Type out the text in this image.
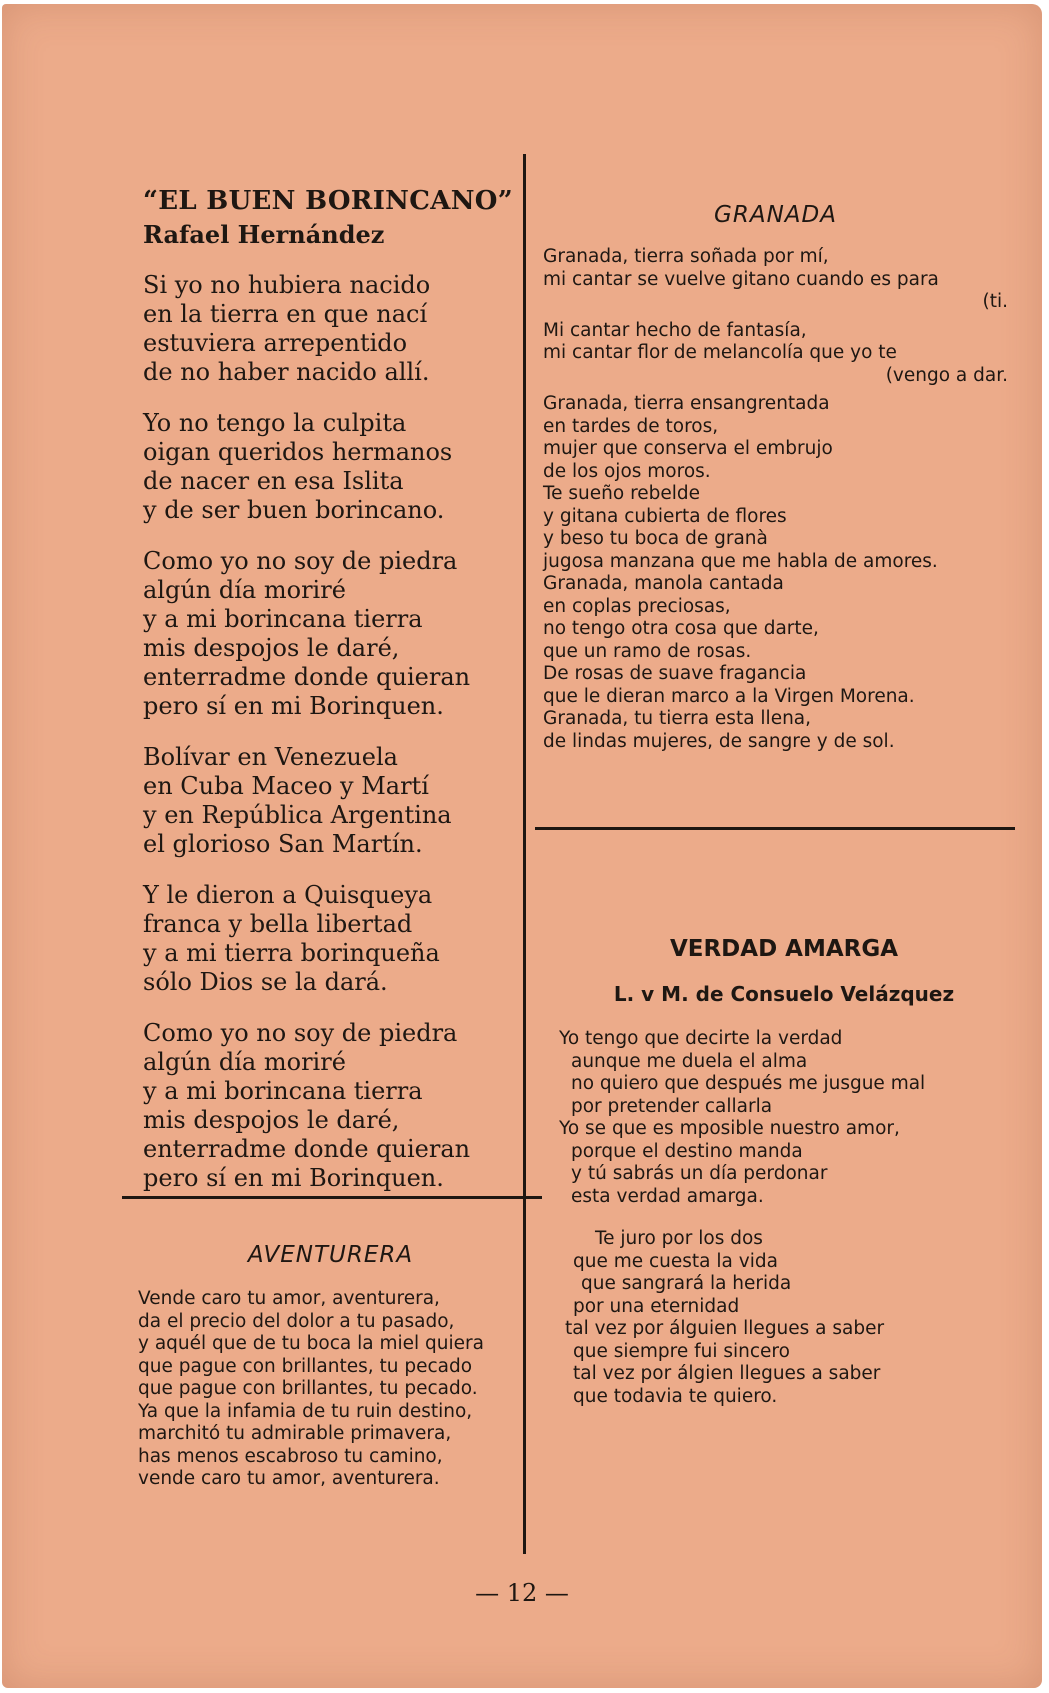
“EL BUEN BORINCANO”
Rafael Hernández
Si yo no hubiera nacido
en la tierra en que nací
estuviera arrepentido
de no haber nacido allí.
Yo no tengo la culpita
oigan queridos hermanos
de nacer en esa Islita
y de ser buen borincano.
Como yo no soy de piedra
algún día moriré
y a mi borincana tierra
mis despojos le daré,
enterradme donde quieran
pero sí en mi Borinquen.
Bolívar en Venezuela
en Cuba Maceo y Martí
y en República Argentina
el glorioso San Martín.
Y le dieron a Quisqueya
franca y bella libertad
y a mi tierra borinqueña
sólo Dios se la dará.
Como yo no soy de piedra
algún día moriré
y a mi borincana tierra
mis despojos le daré,
enterradme donde quieran
pero sí en mi Borinquen.
AVENTURERA
Vende caro tu amor, aventurera,
da el precio del dolor a tu pasado,
y aquél que de tu boca la miel quiera
que pague con brillantes, tu pecado
que pague con brillantes, tu pecado.
Ya que la infamia de tu ruin destino,
marchitó tu admirable primavera,
has menos escabroso tu camino,
vende caro tu amor, aventurera.
GRANADA
Granada, tierra soñada por mí,
mi cantar se vuelve gitano cuando es para
(ti.
Mi cantar hecho de fantasía,
mi cantar flor de melancolía que yo te
(vengo a dar.
Granada, tierra ensangrentada
en tardes de toros,
mujer que conserva el embrujo
de los ojos moros.
Te sueño rebelde
y gitana cubierta de flores
y beso tu boca de granà
jugosa manzana que me habla de amores.
Granada, manola cantada
en coplas preciosas,
no tengo otra cosa que darte,
que un ramo de rosas.
De rosas de suave fragancia
que le dieran marco a la Virgen Morena.
Granada, tu tierra esta llena,
de lindas mujeres, de sangre y de sol.
VERDAD AMARGA
L. v M. de Consuelo Velázquez
Yo tengo que decirte la verdad
aunque me duela el alma
no quiero que después me jusgue mal
por pretender callarla
Yo se que es mposible nuestro amor,
porque el destino manda
y tú sabrás un día perdonar
esta verdad amarga.
Te juro por los dos
que me cuesta la vida
que sangrará la herida
por una eternidad
tal vez por álguien llegues a saber
que siempre fui sincero
tal vez por álgien llegues a saber
que todavia te quiero.
— 12 —
